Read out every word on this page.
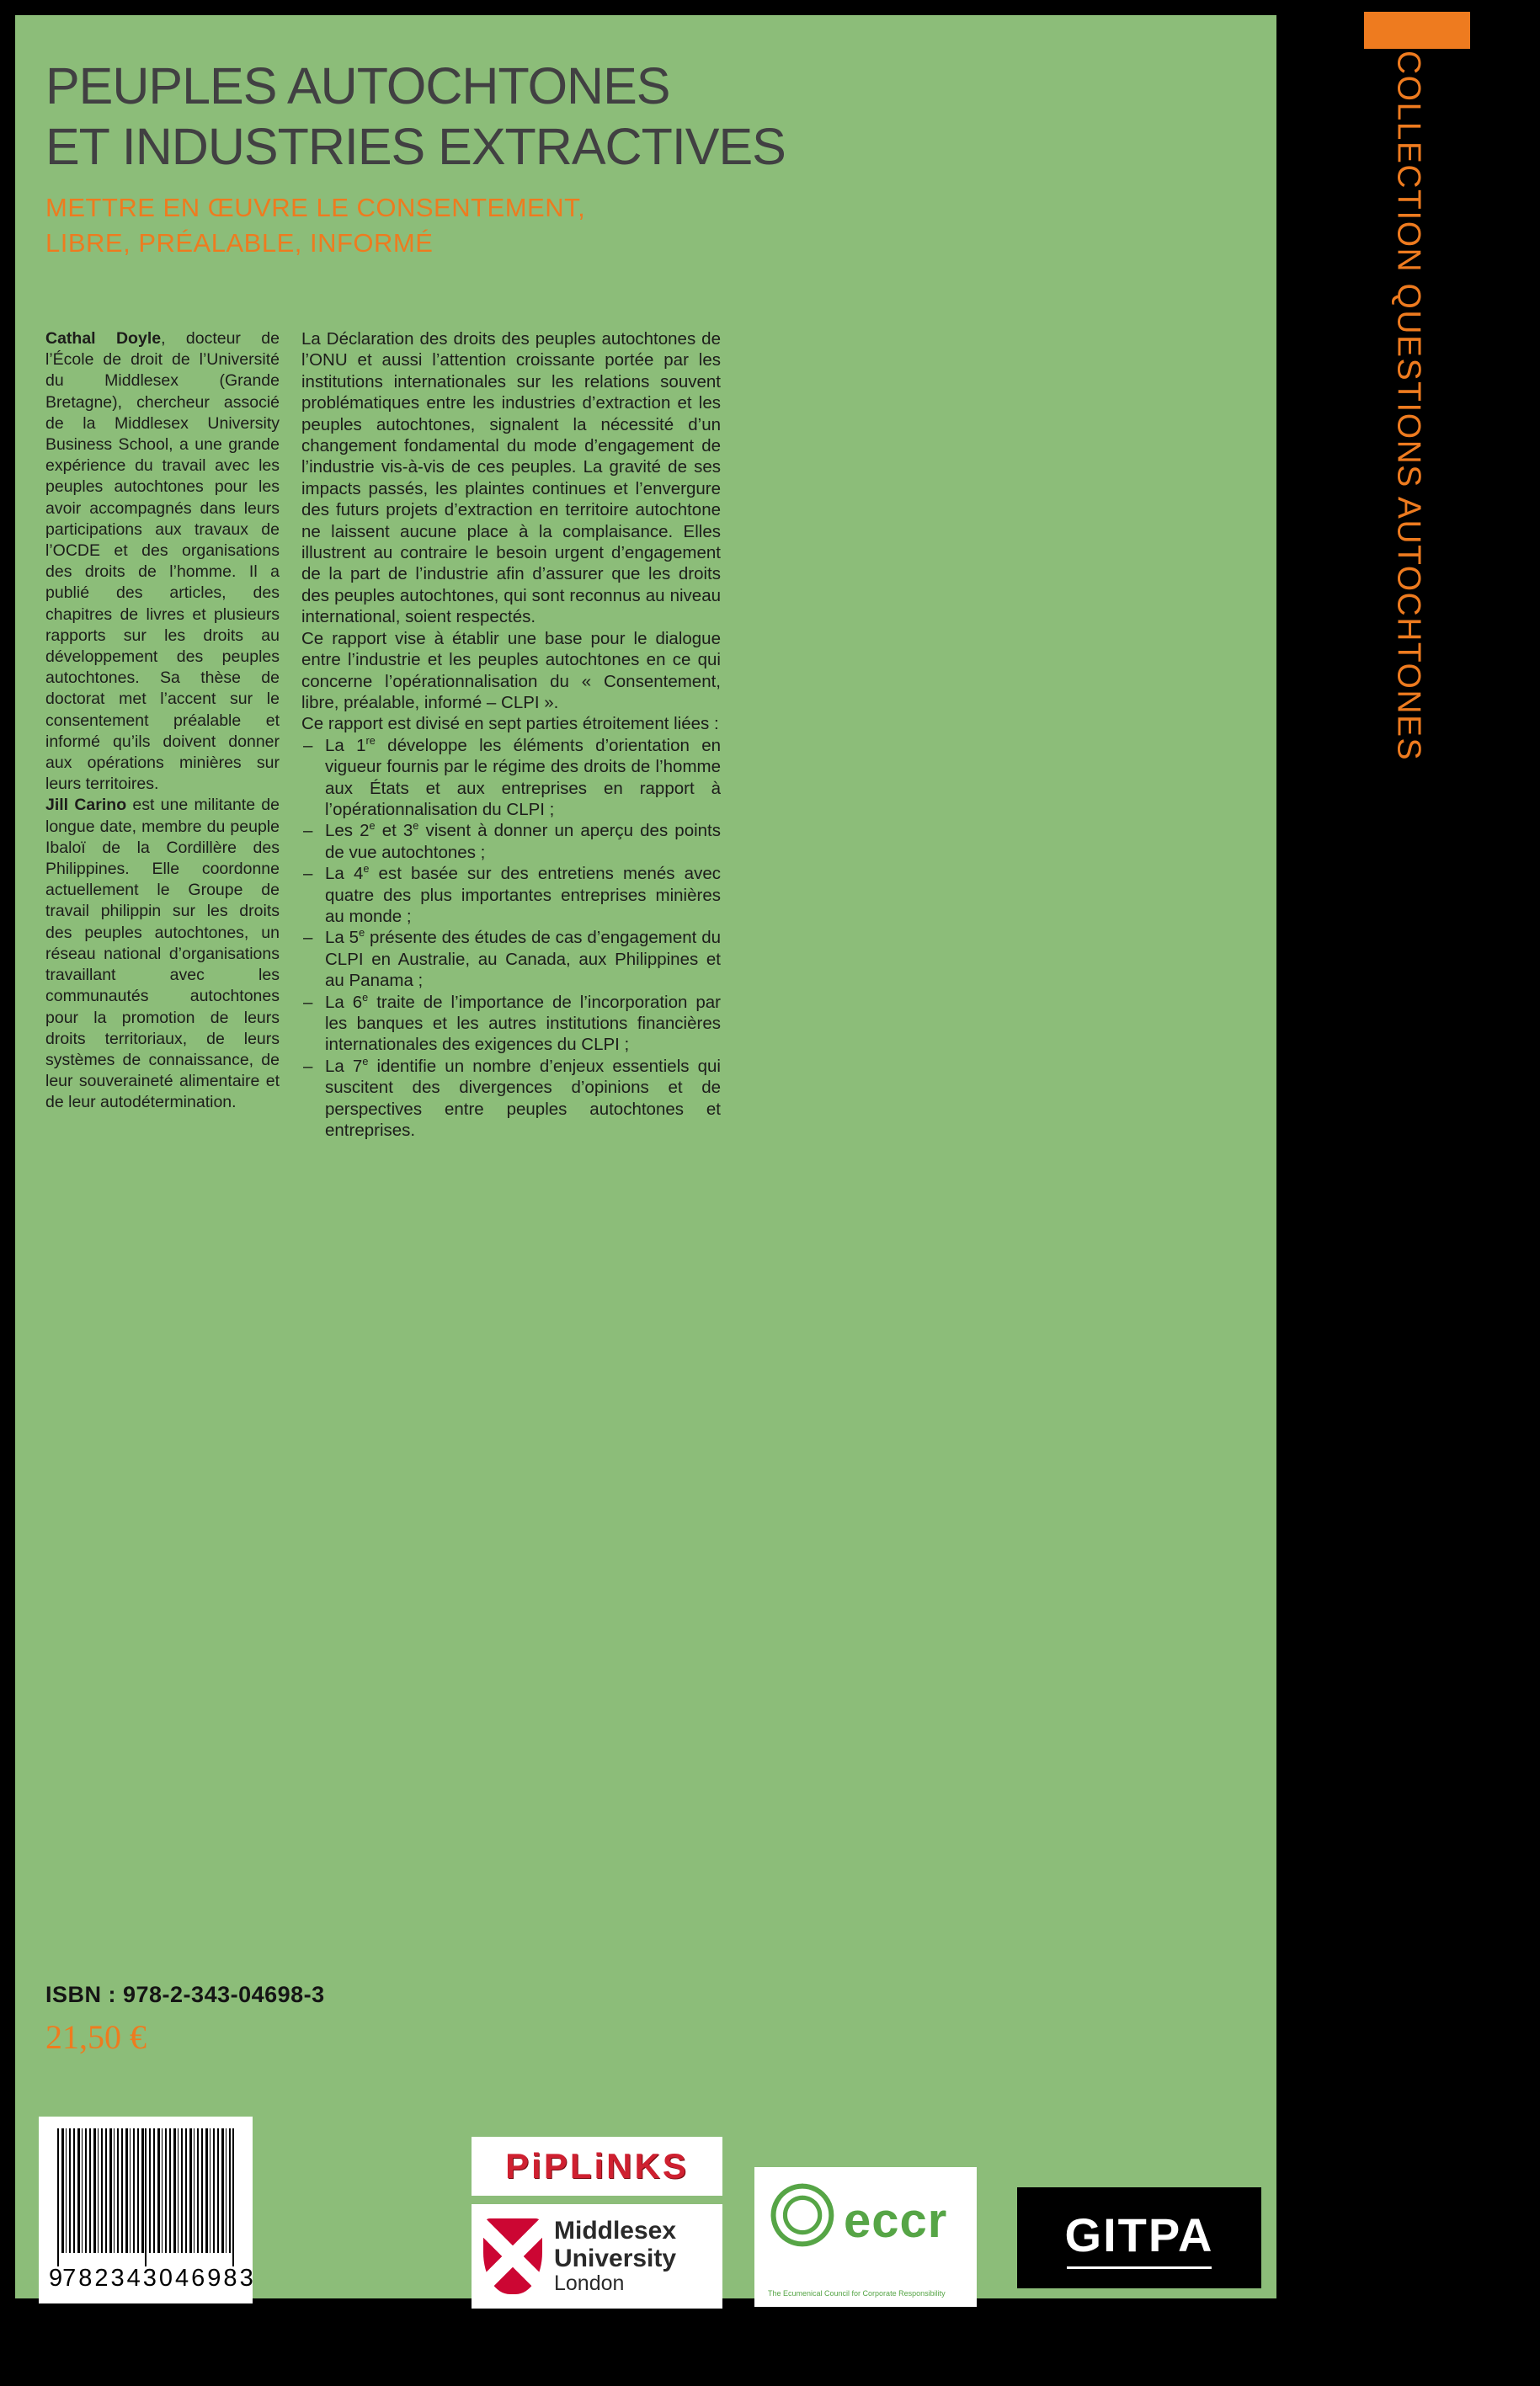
PEUPLES AUTOCHTONES
ET INDUSTRIES EXTRACTIVES
METTRE EN ŒUVRE LE CONSENTEMENT,
LIBRE, PRÉALABLE, INFORMÉ

Cathal Doyle, docteur de l’École de droit de l’Université du Middlesex (Grande Bretagne), chercheur associé de la Middlesex University Business School, a une grande expérience du travail avec les peuples autochtones pour les avoir accompagnés dans leurs participations aux travaux de l’OCDE et des organisations des droits de l’homme. Il a publié des articles, des chapitres de livres et plusieurs rapports sur les droits au développement des peuples autochtones. Sa thèse de doctorat met l’accent sur le consentement préalable et informé qu’ils doivent donner aux opérations minières sur leurs territoires.

Jill Carino est une militante de longue date, membre du peuple Ibaloï de la Cordillère des Philippines. Elle coordonne actuellement le Groupe de travail philippin sur les droits des peuples autochtones, un réseau national d’organisations travaillant avec les communautés autochtones pour la promotion de leurs droits territoriaux, de leurs systèmes de connaissance, de leur souveraineté alimentaire et de leur autodétermination.

La Déclaration des droits des peuples autochtones de l’ONU et aussi l’attention croissante portée par les institutions internationales sur les relations souvent problématiques entre les industries d’extraction et les peuples autochtones, signalent la nécessité d’un changement fondamental du mode d’engagement de l’industrie vis-à-vis de ces peuples. La gravité de ses impacts passés, les plaintes continues et l’envergure des futurs projets d’extraction en territoire autochtone ne laissent aucune place à la complaisance. Elles illustrent au contraire le besoin urgent d’engagement de la part de l’industrie afin d’assurer que les droits des peuples autochtones, qui sont reconnus au niveau international, soient respectés.

Ce rapport vise à établir une base pour le dialogue entre l’industrie et les peuples autochtones en ce qui concerne l’opérationnalisation du « Consentement, libre, préalable, informé – CLPI ».

Ce rapport est divisé en sept parties étroitement liées :

– La 1re développe les éléments d’orientation en vigueur fournis par le régime des droits de l’homme aux États et aux entreprises en rapport à l’opérationnalisation du CLPI ;
– Les 2e et 3e visent à donner un aperçu des points de vue autochtones ;
– La 4e est basée sur des entretiens menés avec quatre des plus importantes entreprises minières au monde ;
– La 5e présente des études de cas d’engagement du CLPI en Australie, au Canada, aux Philippines et au Panama ;
– La 6e traite de l’importance de l’incorporation par les banques et les autres institutions financières internationales des exigences du CLPI ;
– La 7e identifie un nombre d’enjeux essentiels qui suscitent des divergences d’opinions et de perspectives entre peuples autochtones et entreprises.
ISBN : 978-2-343-04698-3
21,50 €
9 782343 046983
PiPLiNKS
Middlesex
University
London
eccr
The Ecumenical Council for Corporate Responsibility
GITPA
COLLECTION QUESTIONS AUTOCHTONES
